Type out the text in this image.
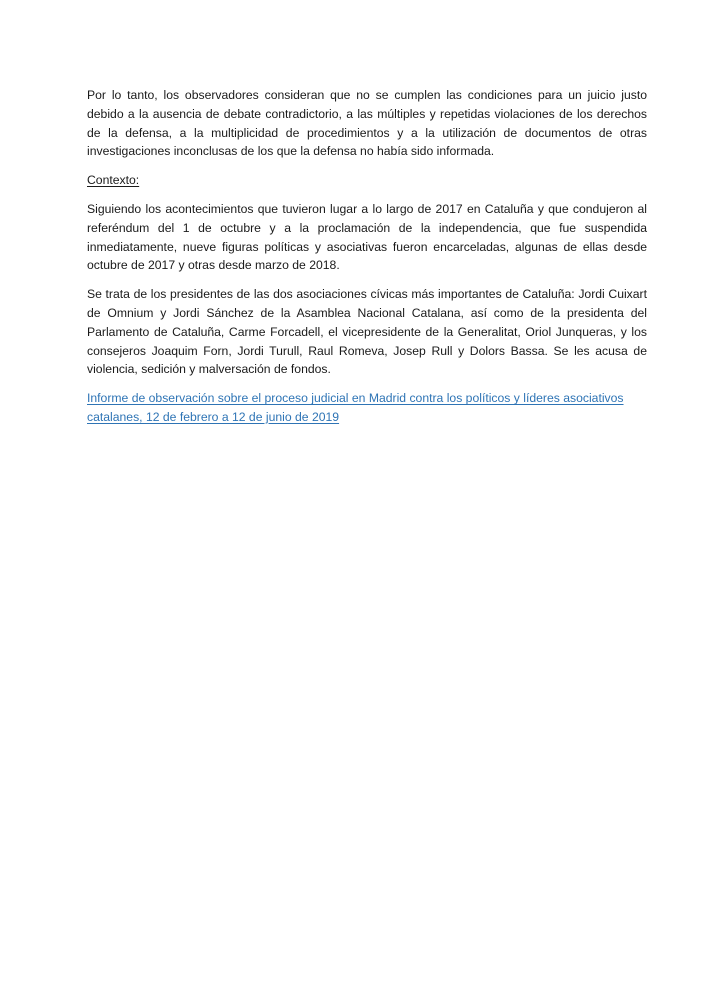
Por lo tanto, los observadores consideran que no se cumplen las condiciones para un juicio justo debido a la ausencia de debate contradictorio, a las múltiples y repetidas violaciones de los derechos de la defensa, a la multiplicidad de procedimientos y a la utilización de documentos de otras investigaciones inconclusas de los que la defensa no había sido informada.

Contexto:

Siguiendo los acontecimientos que tuvieron lugar a lo largo de 2017 en Cataluña y que condujeron al referéndum del 1 de octubre y a la proclamación de la independencia, que fue suspendida inmediatamente, nueve figuras políticas y asociativas fueron encarceladas, algunas de ellas desde octubre de 2017 y otras desde marzo de 2018.

Se trata de los presidentes de las dos asociaciones cívicas más importantes de Cataluña: Jordi Cuixart de Omnium y Jordi Sánchez de la Asamblea Nacional Catalana, así como de la presidenta del Parlamento de Cataluña, Carme Forcadell, el vicepresidente de la Generalitat, Oriol Junqueras, y los consejeros Joaquim Forn, Jordi Turull, Raul Romeva, Josep Rull y Dolors Bassa. Se les acusa de violencia, sedición y malversación de fondos.

Informe de observación sobre el proceso judicial en Madrid contra los políticos y líderes asociativos catalanes, 12 de febrero a 12 de junio de 2019
